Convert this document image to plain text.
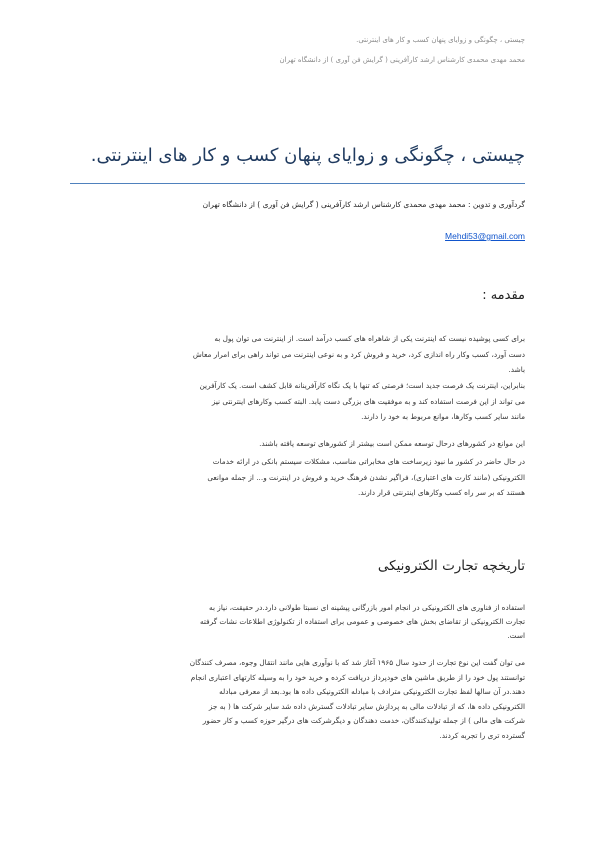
چیستی ، چگونگی و زوایای پنهان کسب و کار های اینترنتی.
محمد مهدی محمدی کارشناس ارشد کارآفرینی ( گرایش فن آوری ) از دانشگاه تهران
چیستی ، چگونگی و زوایای پنهان کسب و کار های اینترنتی.
گردآوری و تدوین : محمد مهدی محمدی کارشناس ارشد کارآفرینی ( گرایش فن آوری ) از دانشگاه تهران
Mehdi53@gmail.com
مقدمه :
برای کسی پوشیده نیست که اینترنت یکی از شاهراه های کسب درآمد است. از اینترنت می توان پول به
دست آورد، کسب وکار راه اندازی کرد، خرید و فروش کرد و به نوعی اینترنت می تواند راهی برای امرار معاش
باشد.
بنابراین، اینترنت یک فرصت جدید است؛ فرصتی که تنها با یک نگاه کارآفرینانه قابل کشف است. یک کارآفرین
می تواند از این فرصت استفاده کند و به موفقیت های بزرگی دست یابد. البته کسب وکارهای اینترنتی نیز
مانند سایر کسب وکارها، موانع مربوط به خود را دارند.
این موانع در کشورهای درحال توسعه ممکن است بیشتر از کشورهای توسعه یافته باشند.
در حال حاضر در کشور ما نبود زیرساخت های مخابراتی مناسب، مشکلات سیستم بانکی در ارائه خدمات
الکترونیکی (مانند کارت های اعتباری)، فراگیر نشدن فرهنگ خرید و فروش در اینترنت و... از جمله موانعی
هستند که بر سر راه کسب وکارهای اینترنتی قرار دارند.
تاریخچه تجارت الکترونیکی
استفاده از فناوری های الکترونیکی در انجام امور بازرگانی پیشینه ای نسبتا طولانی دارد.در حقیقت، نیاز به
تجارت الکترونیکی از تقاضای بخش های خصوصی و عمومی برای استفاده از تکنولوژی اطلاعات نشات گرفته
است.
می توان گفت این نوع تجارت از حدود سال ۱۹۶۵ آغاز شد که با نوآوری هایی مانند انتقال وجوه، مصرف کنندگان
توانستند پول خود را از طریق ماشین های خودپرداز دریافت کرده و خرید خود را به وسیله کارتهای اعتباری انجام
دهند.در آن سالها لفظ تجارت الکترونیکی مترادف با مبادله الکترونیکی داده ها بود.بعد از معرفی مبادله
الکترونیکی داده ها، که از تبادلات مالی به پردازش سایر تبادلات گسترش داده شد سایر شرکت ها ( به جز
شرکت های مالی ) از جمله تولیدکنندگان، خدمت دهندگان و دیگرشرکت های درگیر حوزه کسب و کار حضور
گسترده تری را تجربه کردند.
